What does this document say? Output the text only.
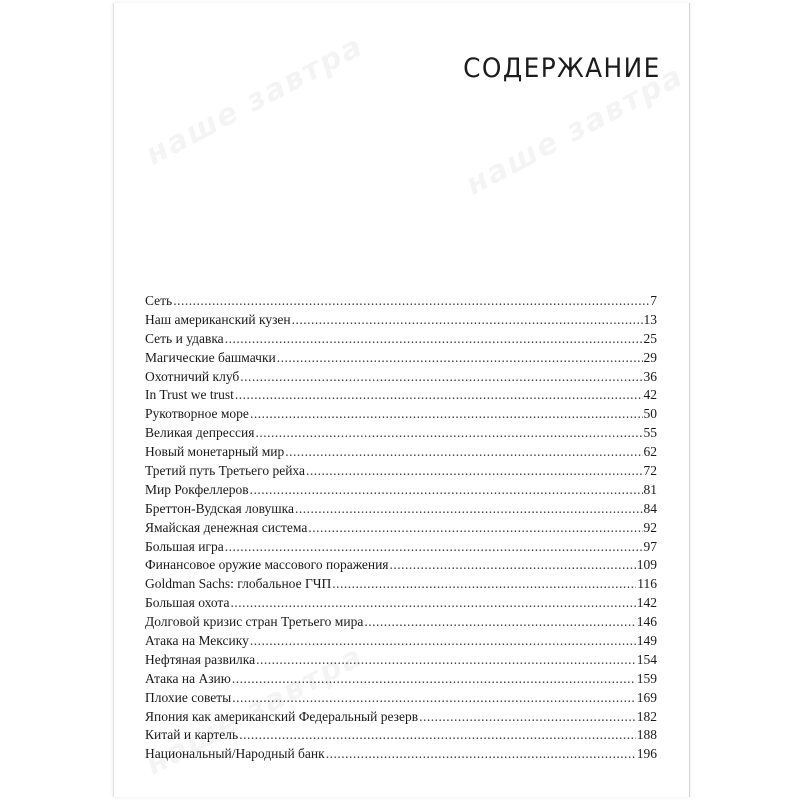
СОДЕРЖАНИЕ
Сеть .....	7
Наш американский кузен .....	13
Сеть и удавка .....	25
Магические башмачки .....	29
Охотничий клуб .....	36
In Trust we trust .....	42
Рукотворное море .....	50
Великая депрессия .....	55
Новый монетарный мир .....	62
Третий путь Третьего рейха .....	72
Мир Рокфеллеров .....	81
Бреттон-Вудская ловушка .....	84
Ямайская денежная система .....	92
Большая игра .....	97
Финансовое оружие массового поражения .....	109
Goldman Sachs: глобальное ГЧП .....	116
Большая охота .....	142
Долговой кризис стран Третьего мира .....	146
Атака на Мексику .....	149
Нефтяная развилка .....	154
Атака на Азию .....	159
Плохие советы .....	169
Япония как американский Федеральный резерв .....	182
Китай и картель .....	188
Национальный/Народный банк .....	196
